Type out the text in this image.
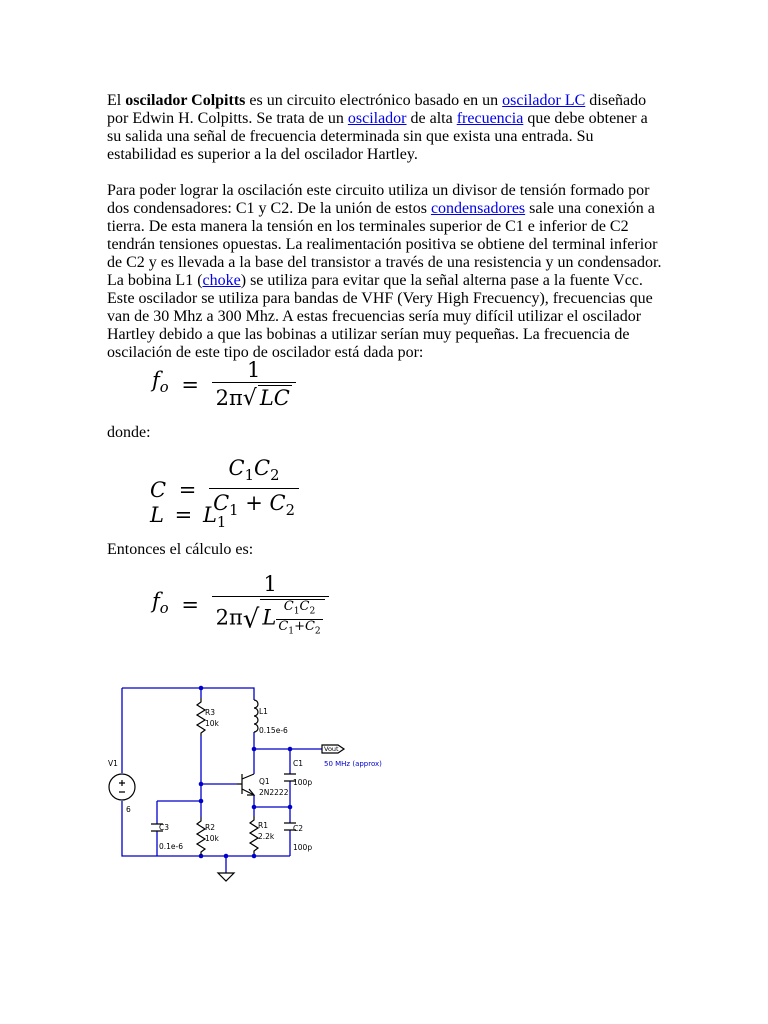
El oscilador Colpitts es un circuito electrónico basado en un oscilador LC diseñado por Edwin H. Colpitts. Se trata de un oscilador de alta frecuencia que debe obtener a su salida una señal de frecuencia determinada sin que exista una entrada. Su estabilidad es superior a la del oscilador Hartley.

Para poder lograr la oscilación este circuito utiliza un divisor de tensión formado por dos condensadores: C1 y C2. De la unión de estos condensadores sale una conexión a tierra. De esta manera la tensión en los terminales superior de C1 e inferior de C2 tendrán tensiones opuestas. La realimentación positiva se obtiene del terminal inferior de C2 y es llevada a la base del transistor a través de una resistencia y un condensador. La bobina L1 (choke) se utiliza para evitar que la señal alterna pase a la fuente Vcc. Este oscilador se utiliza para bandas de VHF (Very High Frecuency), frecuencias que van de 30 Mhz a 300 Mhz. A estas frecuencias sería muy difícil utilizar el oscilador Hartley debido a que las bobinas a utilizar serían muy pequeñas. La frecuencia de oscilación de este tipo de oscilador está dada por:

$f_o = \frac{1}{2\pi√ LC}$

donde:

$C = \frac{C_1C_2}{C_1 + C_2}$
$L = L_1$

Entonces el cálculo es:

$f_o = \frac{1}{2\pi√ L \frac{C_1C_2}{C_1+C_2}}$
R3
10k
L1
0.15e-6
Vout
50 MHz (approx)
C1
100p
V1
6
Q1
2N2222
C3
0.1e-6
R2
10k
R1
2.2k
C2
100p
